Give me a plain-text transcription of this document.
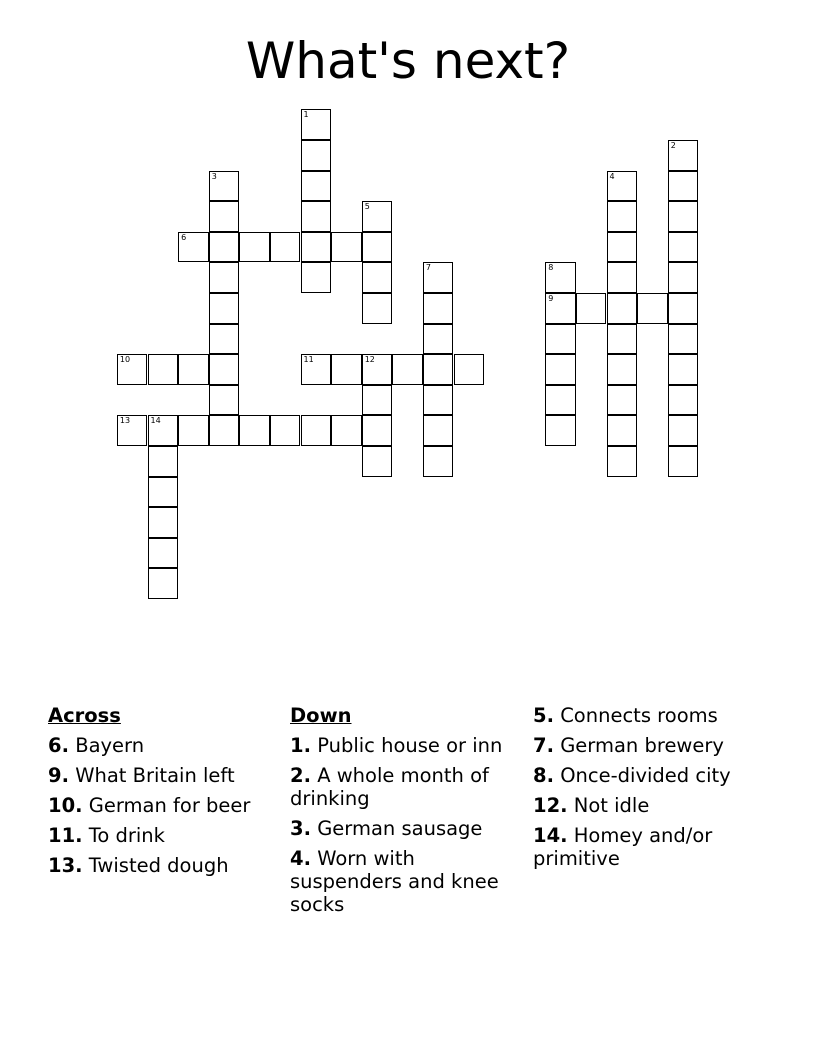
What's next?
1
2
3	4
5
6
7	8
9
10	11	12
13	14
Across
6. Bayern
9. What Britain left
10. German for beer
11. To drink
13. Twisted dough
Down
1. Public house or inn
2. A whole month of drinking
3. German sausage
4. Worn with suspenders and knee socks
5. Connects rooms
7. German brewery
8. Once-divided city
12. Not idle
14. Homey and/or primitive
